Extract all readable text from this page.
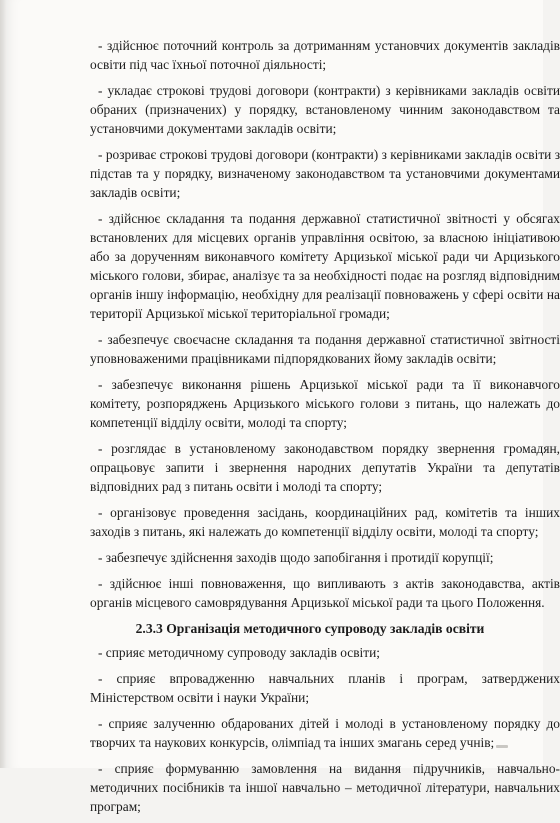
- здійснює поточний контроль за дотриманням установчих документів закладів освіти під час їхньої поточної діяльності;

- укладає строкові трудові договори (контракти) з керівниками закладів освіти обраних (призначених) у порядку, встановленому чинним законодавством та установчими документами закладів освіти;

- розриває строкові трудові договори (контракти) з керівниками закладів освіти з підстав та у порядку, визначеному законодавством та установчими документами закладів освіти;

- здійснює складання та подання державної статистичної звітності у обсягах встановлених для місцевих органів управління освітою, за власною ініціативою або за дорученням виконавчого комітету Арцизької міської ради чи Арцизького міського голови, збирає, аналізує та за необхідності подає на розгляд відповідним органів іншу інформацію, необхідну для реалізації повноважень у сфері освіти на території Арцизької міської територіальної громади;

- забезпечує своєчасне складання та подання державної статистичної звітності уповноваженими працівниками підпорядкованих йому закладів освіти;

- забезпечує виконання рішень Арцизької міської ради та її виконавчого комітету, розпоряджень Арцизького міського голови з питань, що належать до компетенції відділу освіти, молоді та спорту;

- розглядає в установленому законодавством порядку звернення громадян, опрацьовує запити і звернення народних депутатів України та депутатів відповідних рад з питань освіти і молоді та спорту;

- організовує проведення засідань, координаційних рад, комітетів та інших заходів з питань, які належать до компетенції відділу освіти, молоді та спорту;

- забезпечує здійснення заходів щодо запобігання і протидії корупції;

- здійснює інші повноваження, що випливають з актів законодавства, актів органів місцевого самоврядування Арцизької міської ради та цього Положення.

2.3.3 Організація методичного супроводу закладів освіти

- сприяє методичному супроводу закладів освіти;

- сприяє впровадженню навчальних планів і програм, затверджених Міністерством освіти і науки України;

- сприяє залученню обдарованих дітей і молоді в установленому порядку до творчих та наукових конкурсів, олімпіад та інших змагань серед учнів;

- сприяє формуванню замовлення на видання підручників, навчально-методичних посібників та іншої навчально – методичної літератури, навчальних програм;
